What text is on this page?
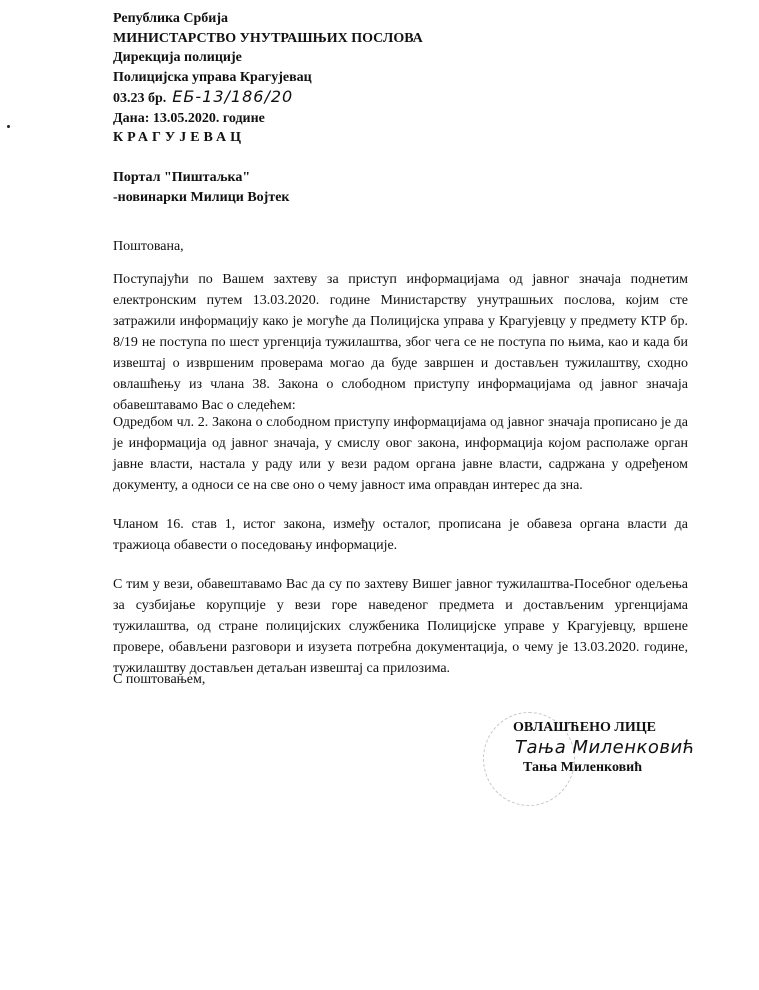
Република Србија
МИНИСТАРСТВО УНУТРАШЊИХ ПОСЛОВА
Дирекција полиције
Полицијска управа Крагујевац
03.23 бр. ЕБ-13/186/20
Дана: 13.05.2020. године
КРАГУЈЕВАЦ
Портал "Пиштаљка"
-новинарки Милици Војтек
Поштована,
Поступајући по Вашем захтеву за приступ информацијама од јавног значаја поднетим електронским путем 13.03.2020. године Министарству унутрашњих послова, којим сте затражили информацију како је могуће да Полицијска управа у Крагујевцу у предмету КТР бр. 8/19 не поступа по шест ургенција тужилаштва, због чега се не поступа по њима, као и када би извештај о извршеним проверама могао да буде завршен и достављен тужилаштву, сходно овлашћењу из члана 38. Закона о слободном приступу информацијама од јавног значаја обавештавамо Вас о следећем:
Одредбом чл. 2. Закона о слободном приступу информацијама од јавног значаја прописано је да је информација од јавног значаја, у смислу овог закона, информација којом располаже орган јавне власти, настала у раду или у вези радом органа јавне власти, садржана у одређеном документу, а односи се на све оно о чему јавност има оправдан интерес да зна.
Чланом 16. став 1, истог закона, између осталог, прописана је обавеза органа власти да тражиоца обавести о поседовању информације.
С тим у вези, обавештавамо Вас да су по захтеву Вишег јавног тужилаштва-Посебног одељења за сузбијање корупције у вези горе наведеног предмета и достављеним ургенцијама тужилаштва, од стране полицијских службеника Полицијске управе у Крагујевцу, вршене провере, обављени разговори и изузета потребна документација, о чему је 13.03.2020. године, тужилаштву достављен детаљан извештај са прилозима.
С поштовањем,
ОВЛАШЋЕНО ЛИЦЕ
Тања Миленковић
Тања Миленковић
